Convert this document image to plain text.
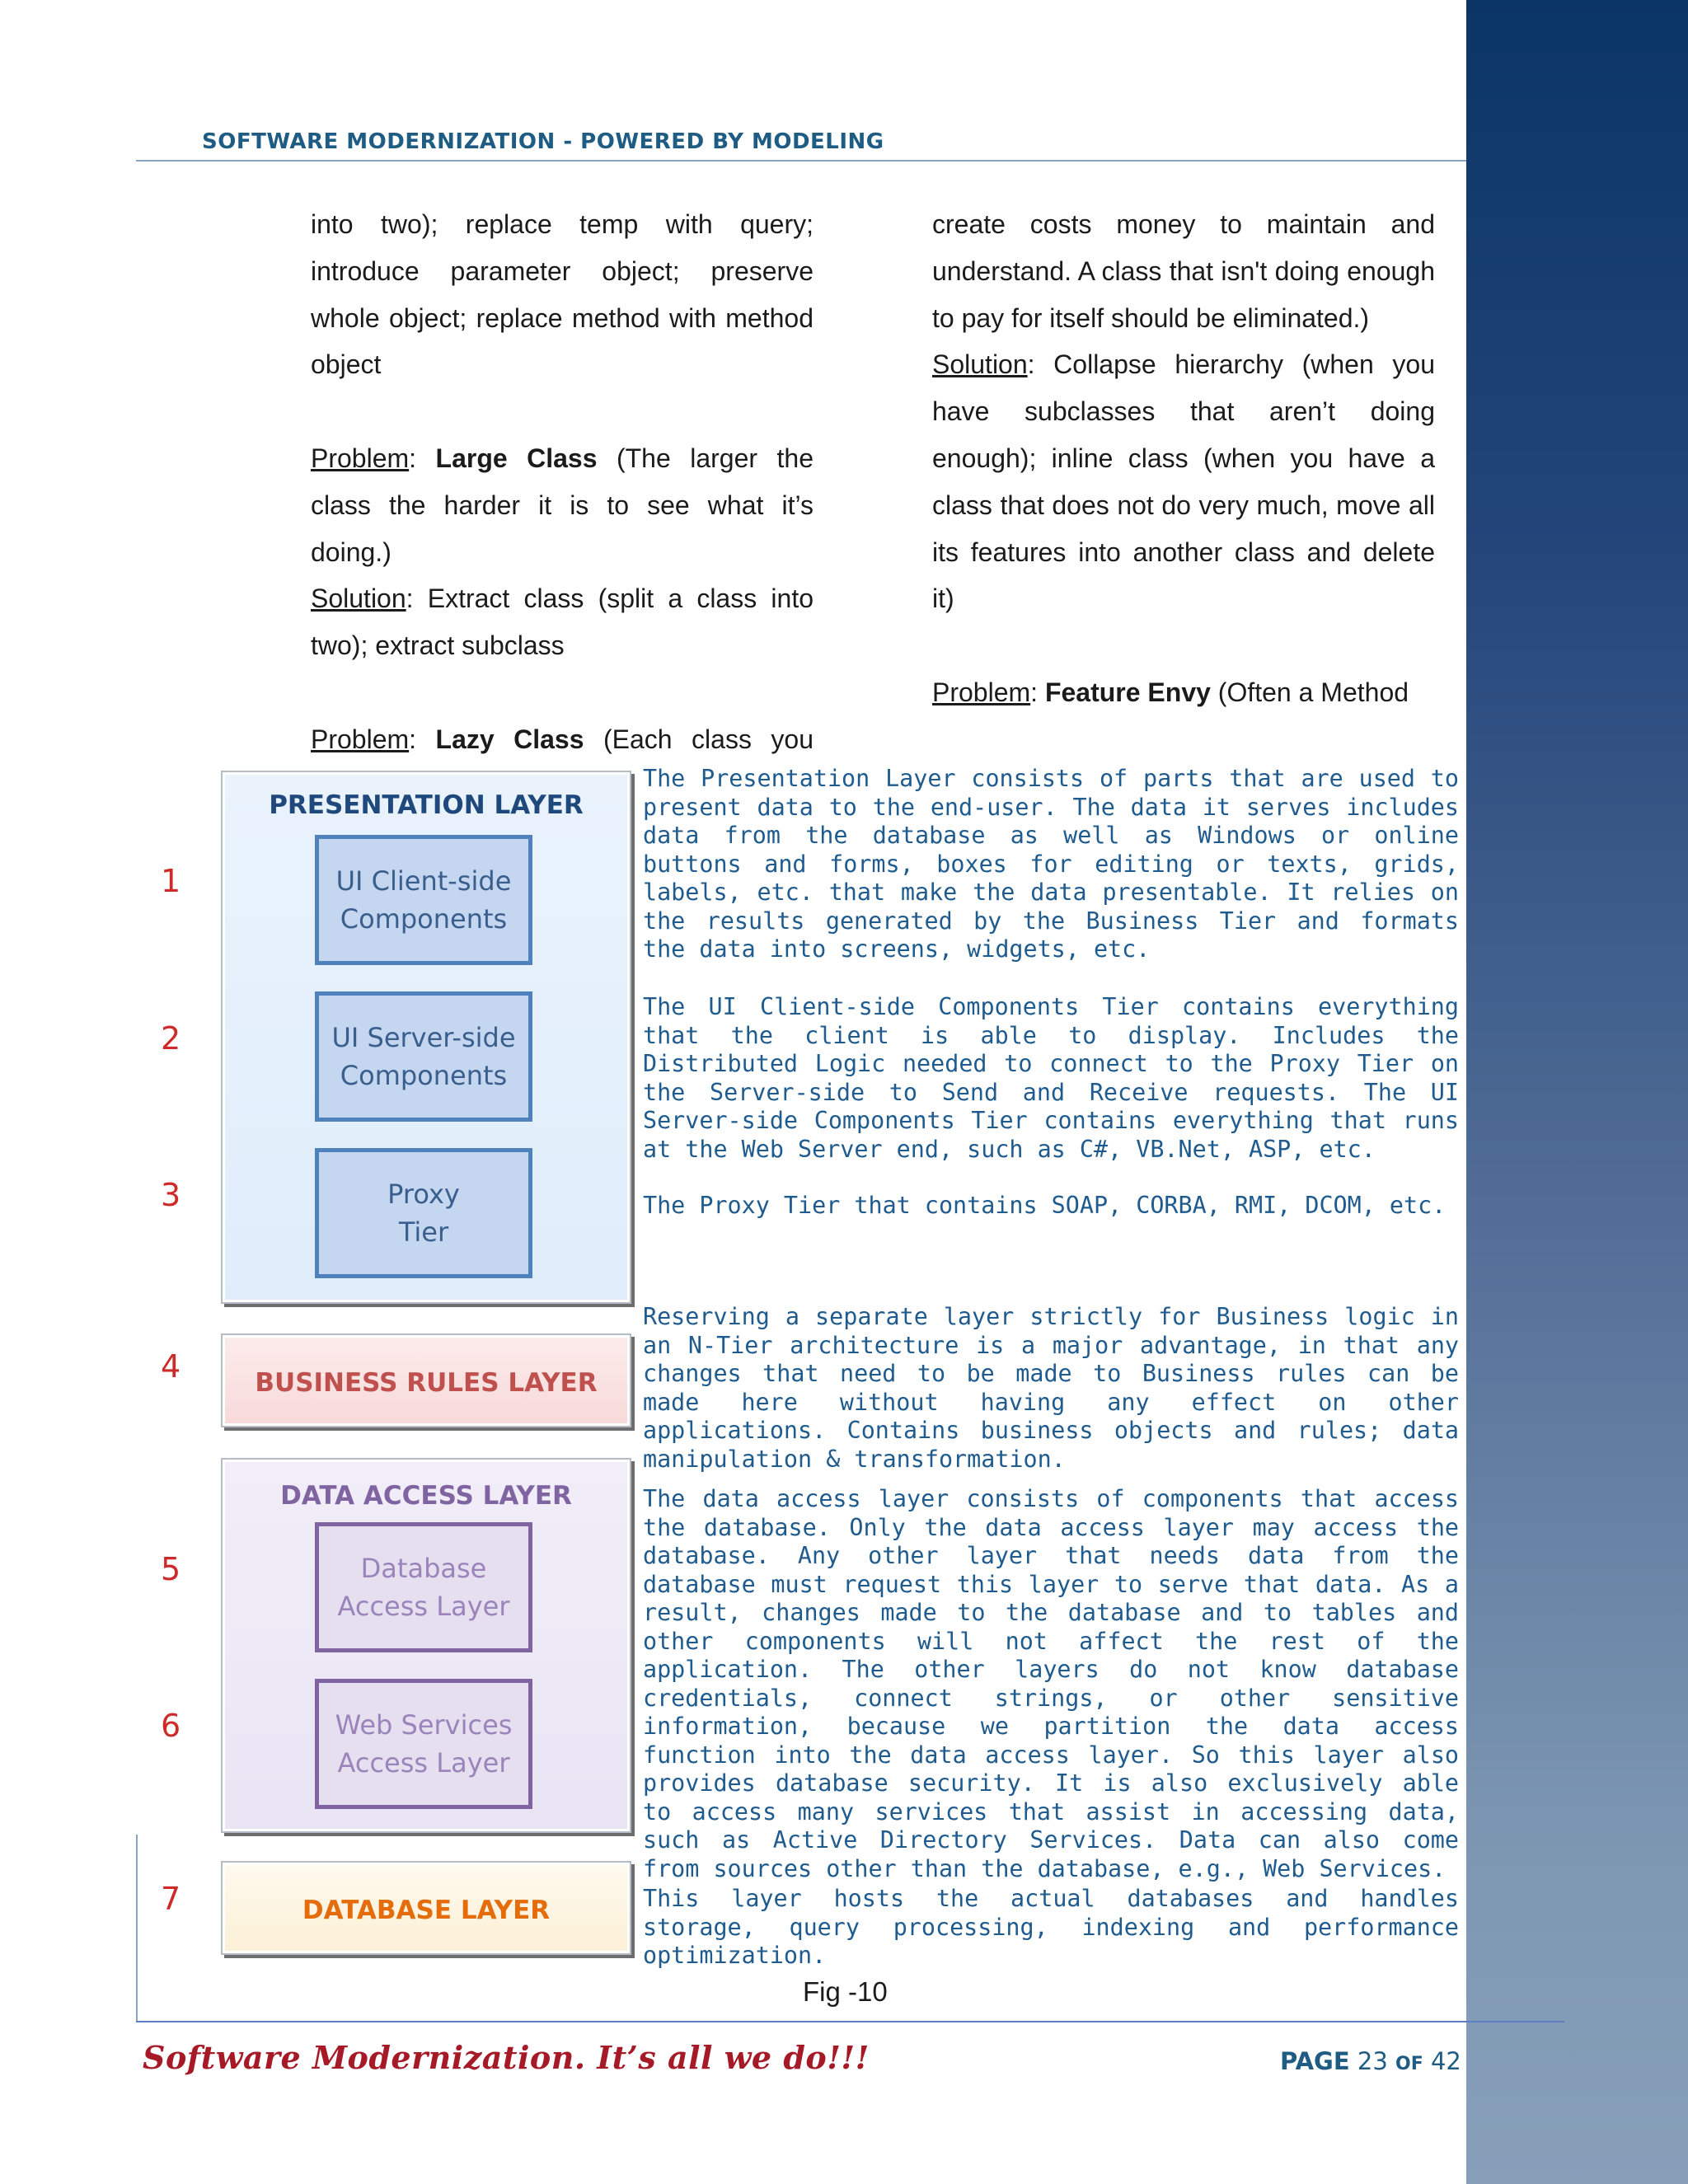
SOFTWARE MODERNIZATION - POWERED BY MODELING

into two); replace temp with query; introduce parameter object; preserve whole object; replace method with method object

Problem: Large Class (The larger the class the harder it is to see what it’s doing.)

Solution: Extract class (split a class into two); extract subclass

Problem: Lazy Class (Each class you

create costs money to maintain and understand. A class that isn't doing enough to pay for itself should be eliminated.)

Solution: Collapse hierarchy (when you have subclasses that aren’t doing enough); inline class (when you have a class that does not do very much, move all its features into another class and delete it)

Problem: Feature Envy (Often a Method

1
2
3
4
5
6
7
PRESENTATION LAYER
UI Client-side
Components
UI Server-side
Components
Proxy
Tier
BUSINESS RULES LAYER
DATA ACCESS LAYER
Database
Access Layer
Web Services
Access Layer
DATABASE LAYER
The Presentation Layer consists of parts that are used to present data to the end-user. The data it serves includes data from the database as well as Windows or online buttons and forms, boxes for editing or texts, grids, labels, etc. that make the data presentable. It relies on the results generated by the Business Tier and formats the data into screens, widgets, etc.
The UI Client-side Components Tier contains everything that the client is able to display. Includes the Distributed Logic needed to connect to the Proxy Tier on the Server-side to Send and Receive requests. The UI Server-side Components Tier contains everything that runs at the Web Server end, such as C#, VB.Net, ASP, etc.
The Proxy Tier that contains SOAP, CORBA, RMI, DCOM, etc.
Reserving a separate layer strictly for Business logic in an N-Tier architecture is a major advantage, in that any changes that need to be made to Business rules can be made here without having any effect on other applications. Contains business objects and rules; data manipulation & transformation.
The data access layer consists of components that access the database. Only the data access layer may access the database. Any other layer that needs data from the database must request this layer to serve that data. As a result, changes made to the database and to tables and other components will not affect the rest of the application. The other layers do not know database credentials, connect strings, or other sensitive information, because we partition the data access function into the data access layer. So this layer also provides database security. It is also exclusively able to access many services that assist in accessing data, such as Active Directory Services. Data can also come from sources other than the database, e.g., Web Services.
This layer hosts the actual databases and handles storage, query processing, indexing and performance optimization.
Fig -10
Software Modernization. It’s all we do!!!	PAGE 23 OF 42
